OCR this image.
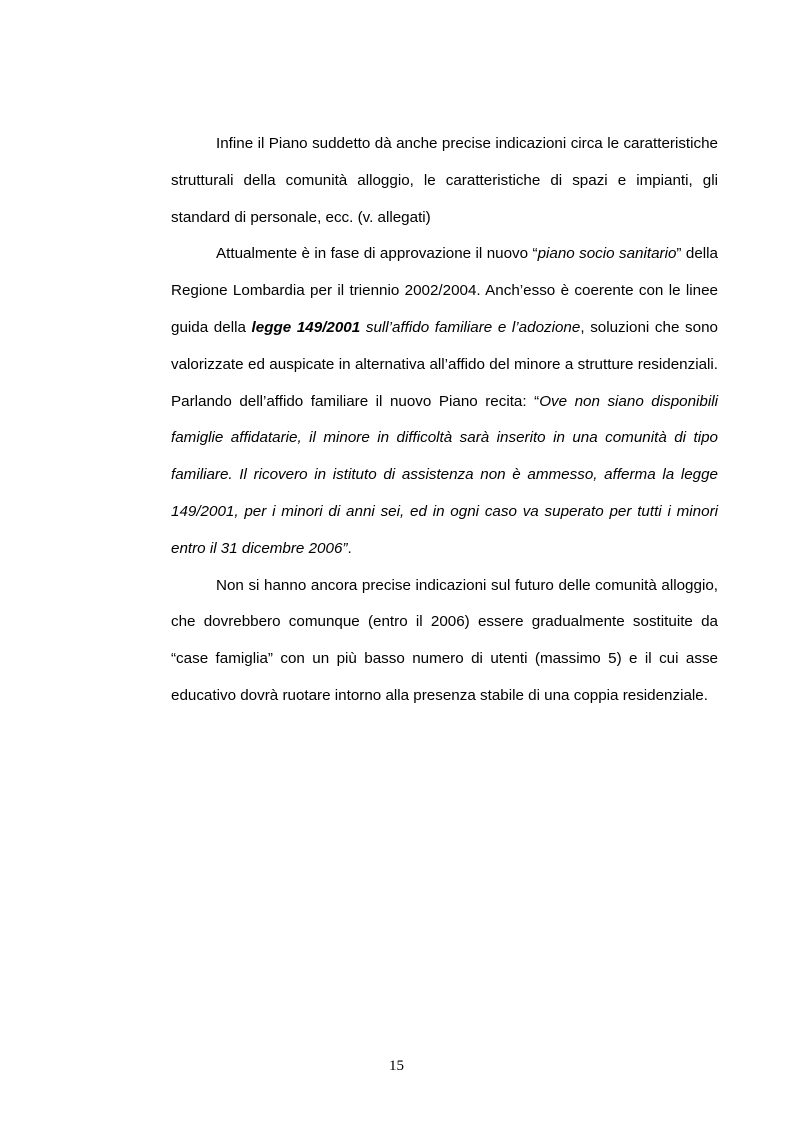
Infine il Piano suddetto dà anche precise indicazioni circa le caratteristiche strutturali della comunità alloggio, le caratteristiche di spazi e impianti, gli standard di personale, ecc. (v. allegati)

Attualmente è in fase di approvazione il nuovo “piano socio sanitario” della Regione Lombardia per il triennio 2002/2004. Anch’esso è coerente con le linee guida della legge 149/2001 sull’affido familiare e l’adozione, soluzioni che sono valorizzate ed auspicate in alternativa all’affido del minore a strutture residenziali. Parlando dell’affido familiare il nuovo Piano recita: “Ove non siano disponibili famiglie affidatarie, il minore in difficoltà sarà inserito in una comunità di tipo familiare. Il ricovero in istituto di assistenza non è ammesso, afferma la legge 149/2001, per i minori di anni sei, ed in ogni caso va superato per tutti i minori entro il 31 dicembre 2006”.

Non si hanno ancora precise indicazioni sul futuro delle comunità alloggio, che dovrebbero comunque (entro il 2006) essere gradualmente sostituite da “case famiglia” con un più basso numero di utenti (massimo 5) e il cui asse educativo dovrà ruotare intorno alla presenza stabile di una coppia residenziale.

15
